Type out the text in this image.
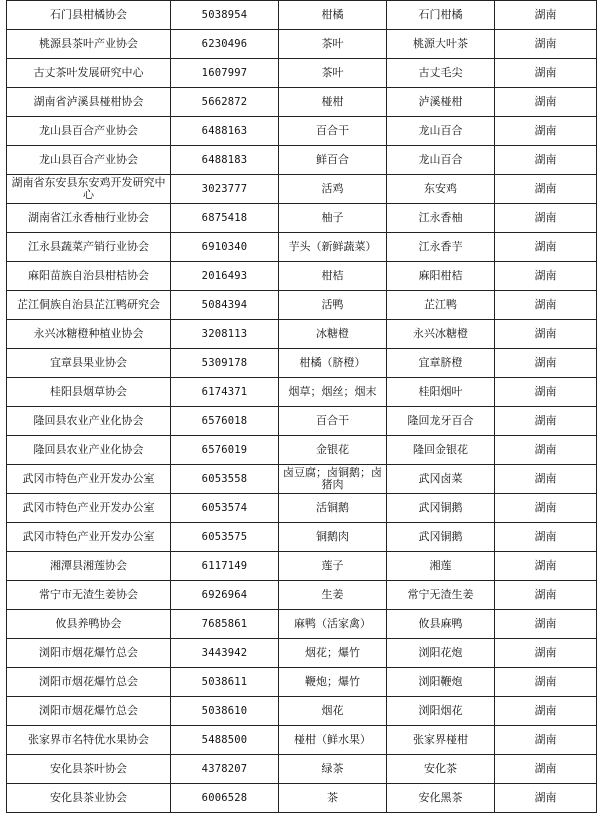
石门县柑橘协会	5038954	柑橘	石门柑橘	湖南
桃源县茶叶产业协会	6230496	茶叶	桃源大叶茶	湖南
古丈茶叶发展研究中心	1607997	茶叶	古丈毛尖	湖南
湖南省泸溪县椪柑协会	5662872	椪柑	泸溪椪柑	湖南
龙山县百合产业协会	6488163	百合干	龙山百合	湖南
龙山县百合产业协会	6488183	鲜百合	龙山百合	湖南
湖南省东安县东安鸡开发研究中心	3023777	活鸡	东安鸡	湖南
湖南省江永香柚行业协会	6875418	柚子	江永香柚	湖南
江永县蔬菜产销行业协会	6910340	芋头（新鲜蔬菜）	江永香芋	湖南
麻阳苗族自治县柑桔协会	2016493	柑桔	麻阳柑桔	湖南
芷江侗族自治县芷江鸭研究会	5084394	活鸭	芷江鸭	湖南
永兴冰糖橙种植业协会	3208113	冰糖橙	永兴冰糖橙	湖南
宜章县果业协会	5309178	柑橘（脐橙）	宜章脐橙	湖南
桂阳县烟草协会	6174371	烟草；烟丝；烟末	桂阳烟叶	湖南
隆回县农业产业化协会	6576018	百合干	隆回龙牙百合	湖南
隆回县农业产业化协会	6576019	金银花	隆回金银花	湖南
武冈市特色产业开发办公室	6053558	卤豆腐；卤铜鹅；卤猪肉	武冈卤菜	湖南
武冈市特色产业开发办公室	6053574	活铜鹅	武冈铜鹅	湖南
武冈市特色产业开发办公室	6053575	铜鹅肉	武冈铜鹅	湖南
湘潭县湘莲协会	6117149	莲子	湘莲	湖南
常宁市无渣生姜协会	6926964	生姜	常宁无渣生姜	湖南
攸县养鸭协会	7685861	麻鸭（活家禽）	攸县麻鸭	湖南
浏阳市烟花爆竹总会	3443942	烟花；爆竹	浏阳花炮	湖南
浏阳市烟花爆竹总会	5038611	鞭炮；爆竹	浏阳鞭炮	湖南
浏阳市烟花爆竹总会	5038610	烟花	浏阳烟花	湖南
张家界市名特优水果协会	5488500	椪柑（鲜水果）	张家界椪柑	湖南
安化县茶叶协会	4378207	绿茶	安化茶	湖南
安化县茶业协会	6006528	茶	安化黑茶	湖南
